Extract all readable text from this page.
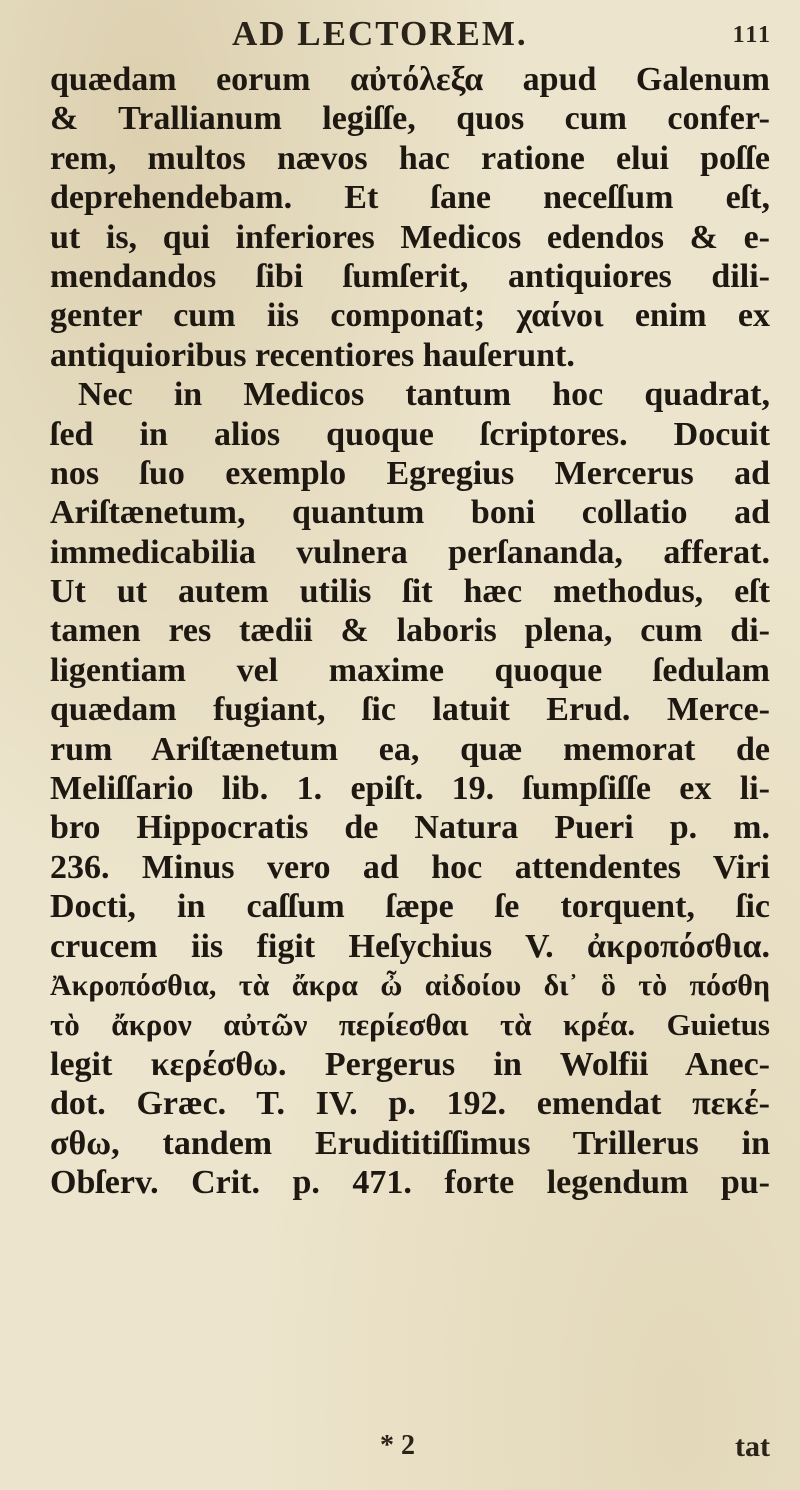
AD LECTOREM.	111
quædam eorum αὐτόλεξα apud Galenum
& Trallianum legiſſe, quos cum confer-
rem, multos nævos hac ratione elui poſſe
deprehendebam. Et ſane neceſſum eſt,
ut is, qui inferiores Medicos edendos & e-
mendandos ſibi ſumſerit, antiquiores dili-
genter cum iis componat; χαίνοι enim ex
antiquioribus recentiores hauſerunt.
Nec in Medicos tantum hoc quadrat,
ſed in alios quoque ſcriptores. Docuit
nos ſuo exemplo Egregius Mercerus ad
Ariſtænetum, quantum boni collatio ad
immedicabilia vulnera perſananda, afferat.
Ut ut autem utilis ſit hæc methodus, eſt
tamen res tædii & laboris plena, cum di-
ligentiam vel maxime quoque ſedulam
quædam fugiant, ſic latuit Erud. Merce-
rum Ariſtænetum ea, quæ memorat de
Meliſſario lib. 1. epiſt. 19. ſumpſiſſe ex li-
bro Hippocratis de Natura Pueri p. m.
236. Minus vero ad hoc attendentes Viri
Docti, in caſſum ſæpe ſe torquent, ſic
crucem iis figit Heſychius V. ἀκροπόσθια.
Ἀκροπόσθια, τὰ ἄκρα ὦ αἰδοίου δι᾽ ὃ τὸ πόσθη
τὸ ἄκρον αὐτῶν περίεσθαι τὰ κρέα. Guietus
legit κερέσθω. Pergerus in Wolfii Anec-
dot. Græc. T. IV. p. 192. emendat πεκέ-
σθω, tandem Erudititiſſimus Trillerus in
Obſerv. Crit. p. 471. forte legendum pu-
* 2	tat
